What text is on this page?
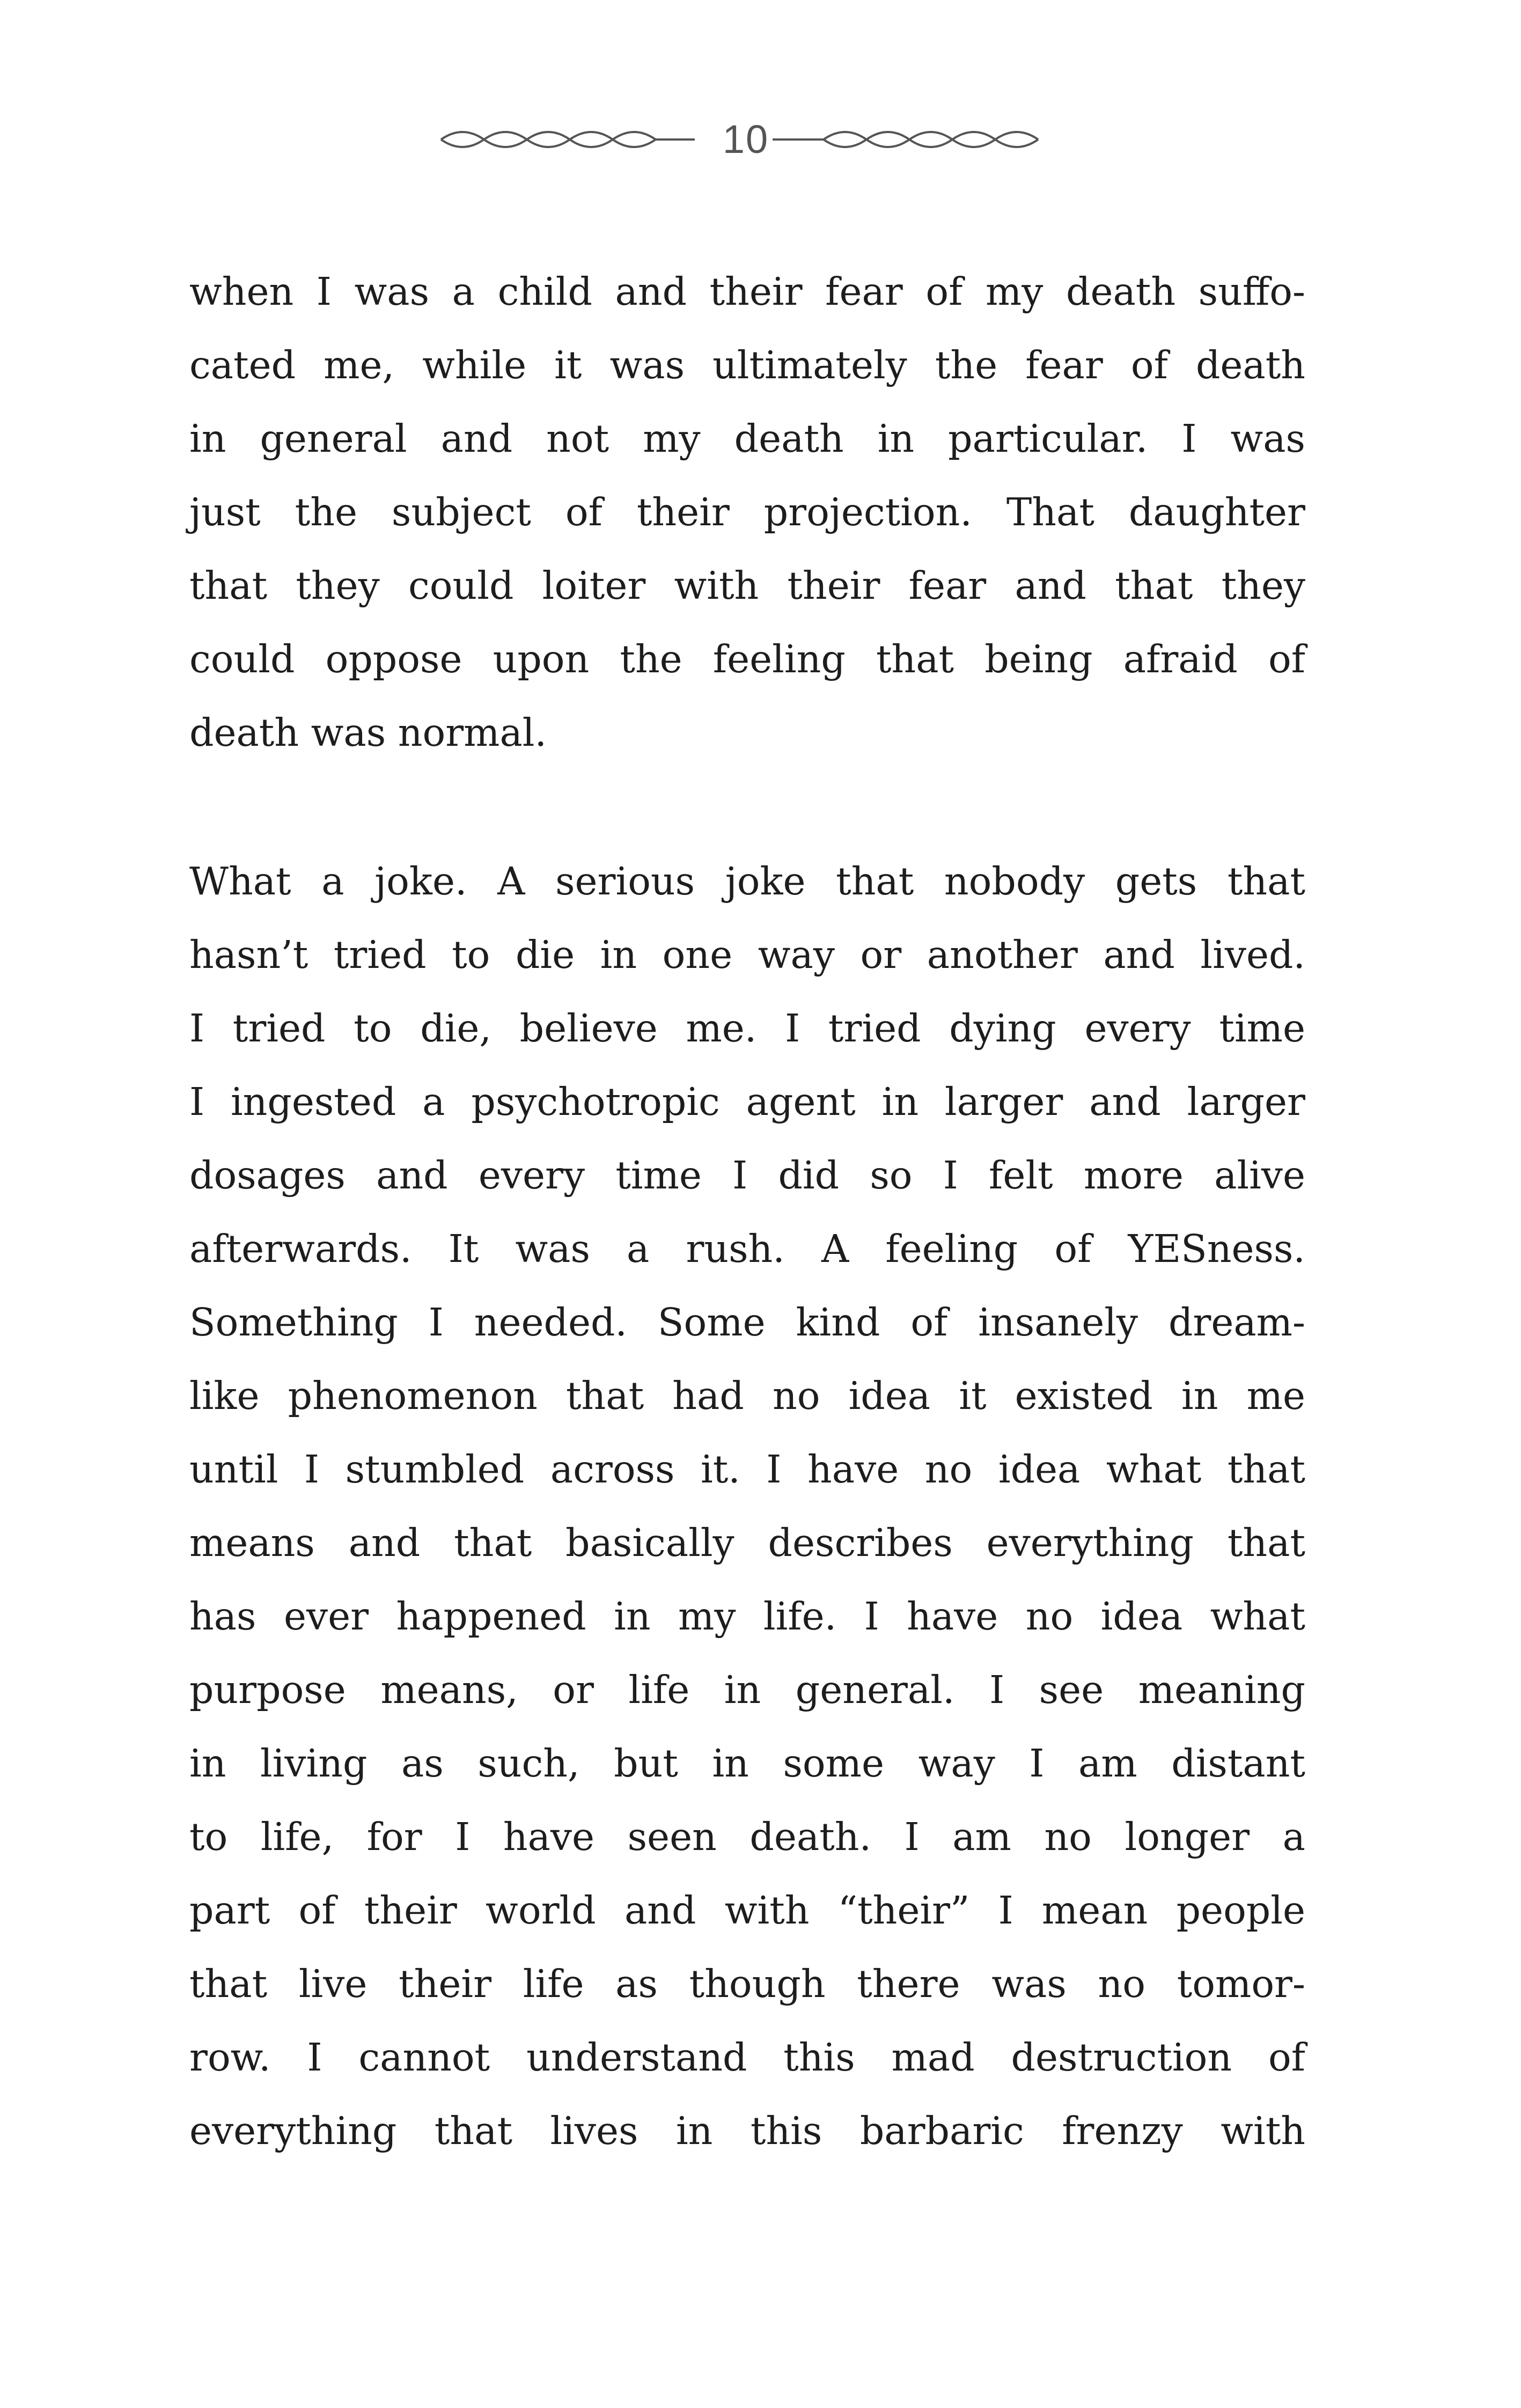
10
when I was a child and their fear of my death suffo-
cated me, while it was ultimately the fear of death
in general and not my death in particular. I was
just the subject of their projection. That daughter
that they could loiter with their fear and that they
could oppose upon the feeling that being afraid of
death was normal.
What a joke. A serious joke that nobody gets that
hasn’t tried to die in one way or another and lived.
I tried to die, believe me. I tried dying every time
I ingested a psychotropic agent in larger and larger
dosages and every time I did so I felt more alive
afterwards. It was a rush. A feeling of YESness.
Something I needed. Some kind of insanely dream-
like phenomenon that had no idea it existed in me
until I stumbled across it. I have no idea what that
means and that basically describes everything that
has ever happened in my life. I have no idea what
purpose means, or life in general. I see meaning
in living as such, but in some way I am distant
to life, for I have seen death. I am no longer a
part of their world and with “their” I mean people
that live their life as though there was no tomor-
row. I cannot understand this mad destruction of
everything that lives in this barbaric frenzy with
